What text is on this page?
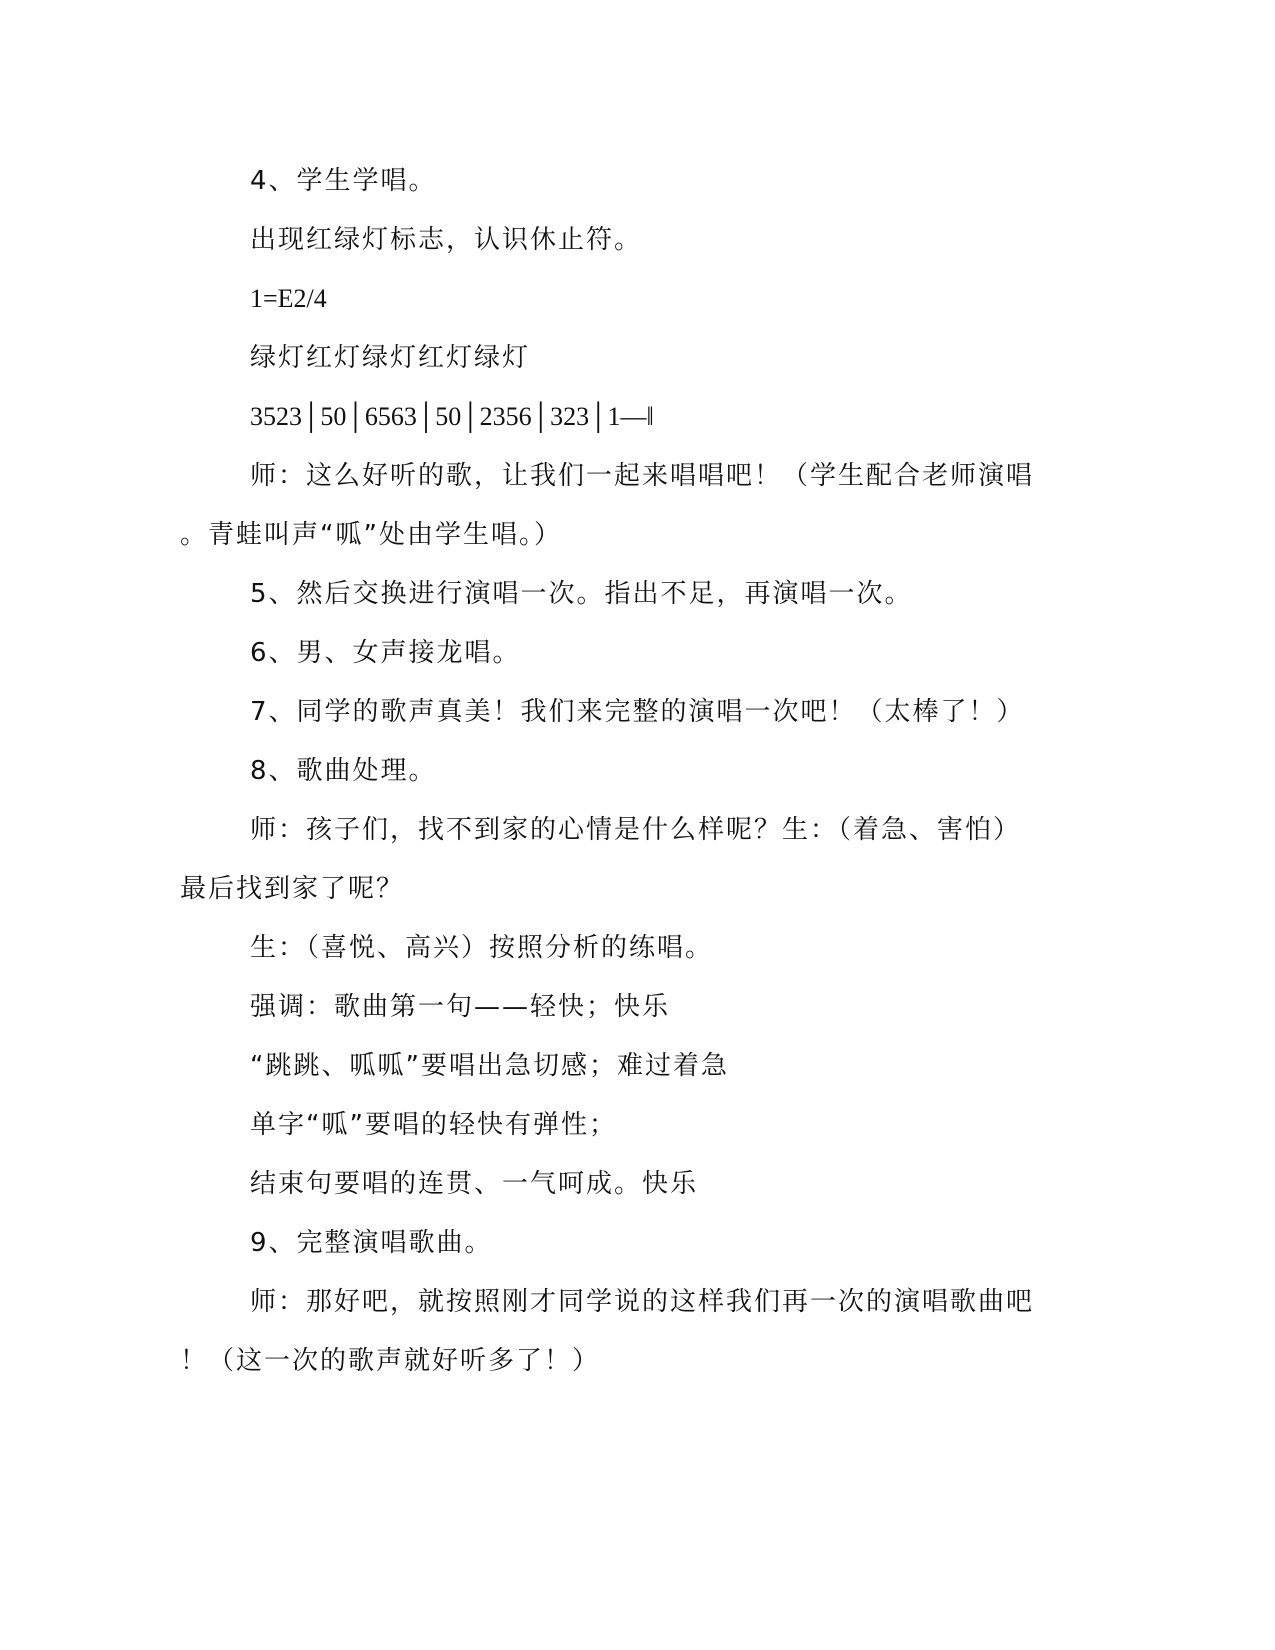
4、学生学唱。
出现红绿灯标志，认识休止符。
1=E2/4
绿灯红灯绿灯红灯绿灯
3523│50│6563│50│2356│323│1—‖
师：这么好听的歌，让我们一起来唱唱吧！（学生配合老师演唱
。青蛙叫声“呱”处由学生唱。）
5、然后交换进行演唱一次。指出不足，再演唱一次。
6、男、女声接龙唱。
7、同学的歌声真美！我们来完整的演唱一次吧！（太棒了！）
8、歌曲处理。
师：孩子们，找不到家的心情是什么样呢？生：（着急、害怕）
最后找到家了呢？
生：（喜悦、高兴）按照分析的练唱。
强调：歌曲第一句——轻快；快乐
“跳跳、呱呱”要唱出急切感；难过着急
单字“呱”要唱的轻快有弹性；
结束句要唱的连贯、一气呵成。快乐
9、完整演唱歌曲。
师：那好吧，就按照刚才同学说的这样我们再一次的演唱歌曲吧
！（这一次的歌声就好听多了！）
